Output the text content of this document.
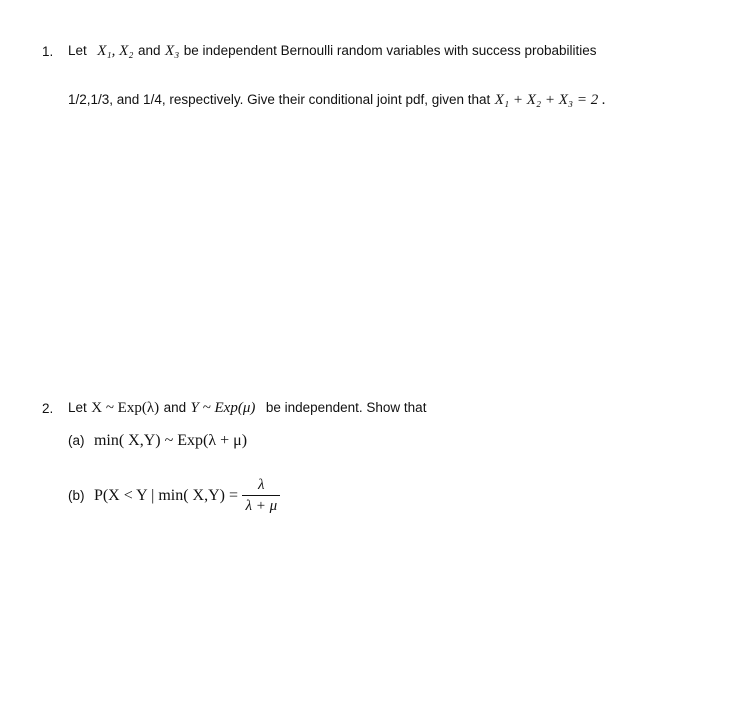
1. Let X₁, X₂ and X₃ be independent Bernoulli random variables with success probabilities
1/2,1/3, and 1/4, respectively. Give their conditional joint pdf, given that X₁ + X₂ + X₃ = 2 .
2. Let X ~ Exp(λ) and Y ~ Exp(μ) be independent. Show that
(a) min( X,Y) ~ Exp(λ + μ)
(b) P(X < Y | min( $X,Y) = \frac{\lambda}{\lambda + \mu}$
